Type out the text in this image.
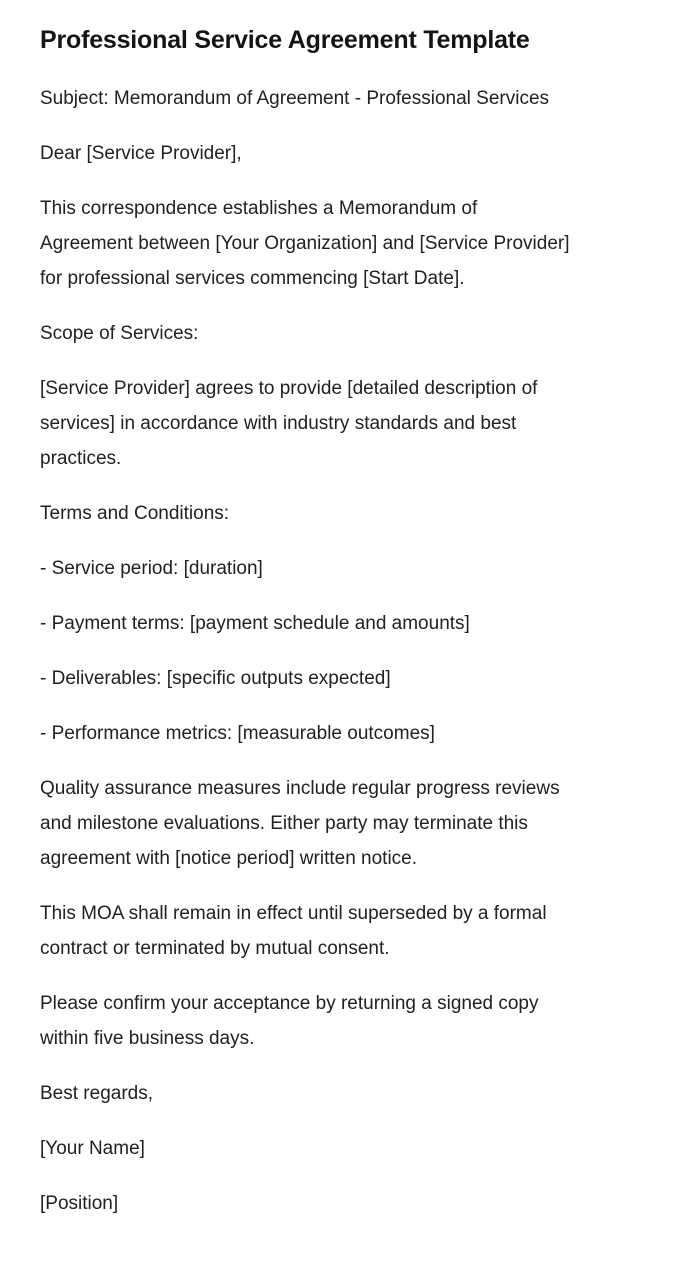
Professional Service Agreement Template

Subject: Memorandum of Agreement - Professional Services

Dear [Service Provider],

This correspondence establishes a Memorandum of
Agreement between [Your Organization] and [Service Provider]
for professional services commencing [Start Date].

Scope of Services:

[Service Provider] agrees to provide [detailed description of
services] in accordance with industry standards and best
practices.

Terms and Conditions:

- Service period: [duration]

- Payment terms: [payment schedule and amounts]

- Deliverables: [specific outputs expected]

- Performance metrics: [measurable outcomes]

Quality assurance measures include regular progress reviews
and milestone evaluations. Either party may terminate this
agreement with [notice period] written notice.

This MOA shall remain in effect until superseded by a formal
contract or terminated by mutual consent.

Please confirm your acceptance by returning a signed copy
within five business days.

Best regards,

[Your Name]

[Position]
